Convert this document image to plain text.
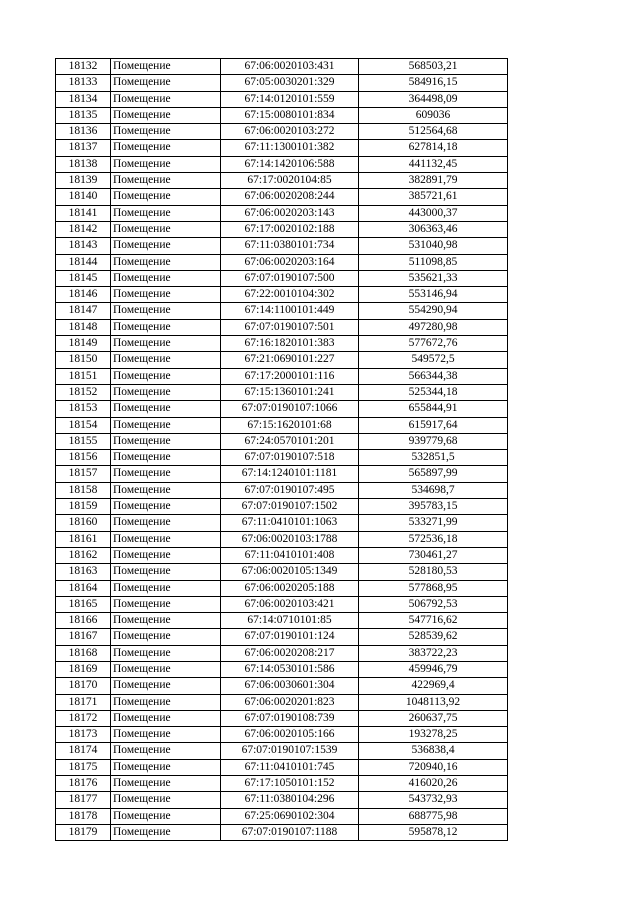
18132	Помещение	67:06:0020103:431	568503,21
18133	Помещение	67:05:0030201:329	584916,15
18134	Помещение	67:14:0120101:559	364498,09
18135	Помещение	67:15:0080101:834	609036
18136	Помещение	67:06:0020103:272	512564,68
18137	Помещение	67:11:1300101:382	627814,18
18138	Помещение	67:14:1420106:588	441132,45
18139	Помещение	67:17:0020104:85	382891,79
18140	Помещение	67:06:0020208:244	385721,61
18141	Помещение	67:06:0020203:143	443000,37
18142	Помещение	67:17:0020102:188	306363,46
18143	Помещение	67:11:0380101:734	531040,98
18144	Помещение	67:06:0020203:164	511098,85
18145	Помещение	67:07:0190107:500	535621,33
18146	Помещение	67:22:0010104:302	553146,94
18147	Помещение	67:14:1100101:449	554290,94
18148	Помещение	67:07:0190107:501	497280,98
18149	Помещение	67:16:1820101:383	577672,76
18150	Помещение	67:21:0690101:227	549572,5
18151	Помещение	67:17:2000101:116	566344,38
18152	Помещение	67:15:1360101:241	525344,18
18153	Помещение	67:07:0190107:1066	655844,91
18154	Помещение	67:15:1620101:68	615917,64
18155	Помещение	67:24:0570101:201	939779,68
18156	Помещение	67:07:0190107:518	532851,5
18157	Помещение	67:14:1240101:1181	565897,99
18158	Помещение	67:07:0190107:495	534698,7
18159	Помещение	67:07:0190107:1502	395783,15
18160	Помещение	67:11:0410101:1063	533271,99
18161	Помещение	67:06:0020103:1788	572536,18
18162	Помещение	67:11:0410101:408	730461,27
18163	Помещение	67:06:0020105:1349	528180,53
18164	Помещение	67:06:0020205:188	577868,95
18165	Помещение	67:06:0020103:421	506792,53
18166	Помещение	67:14:0710101:85	547716,62
18167	Помещение	67:07:0190101:124	528539,62
18168	Помещение	67:06:0020208:217	383722,23
18169	Помещение	67:14:0530101:586	459946,79
18170	Помещение	67:06:0030601:304	422969,4
18171	Помещение	67:06:0020201:823	1048113,92
18172	Помещение	67:07:0190108:739	260637,75
18173	Помещение	67:06:0020105:166	193278,25
18174	Помещение	67:07:0190107:1539	536838,4
18175	Помещение	67:11:0410101:745	720940,16
18176	Помещение	67:17:1050101:152	416020,26
18177	Помещение	67:11:0380104:296	543732,93
18178	Помещение	67:25:0690102:304	688775,98
18179	Помещение	67:07:0190107:1188	595878,12
